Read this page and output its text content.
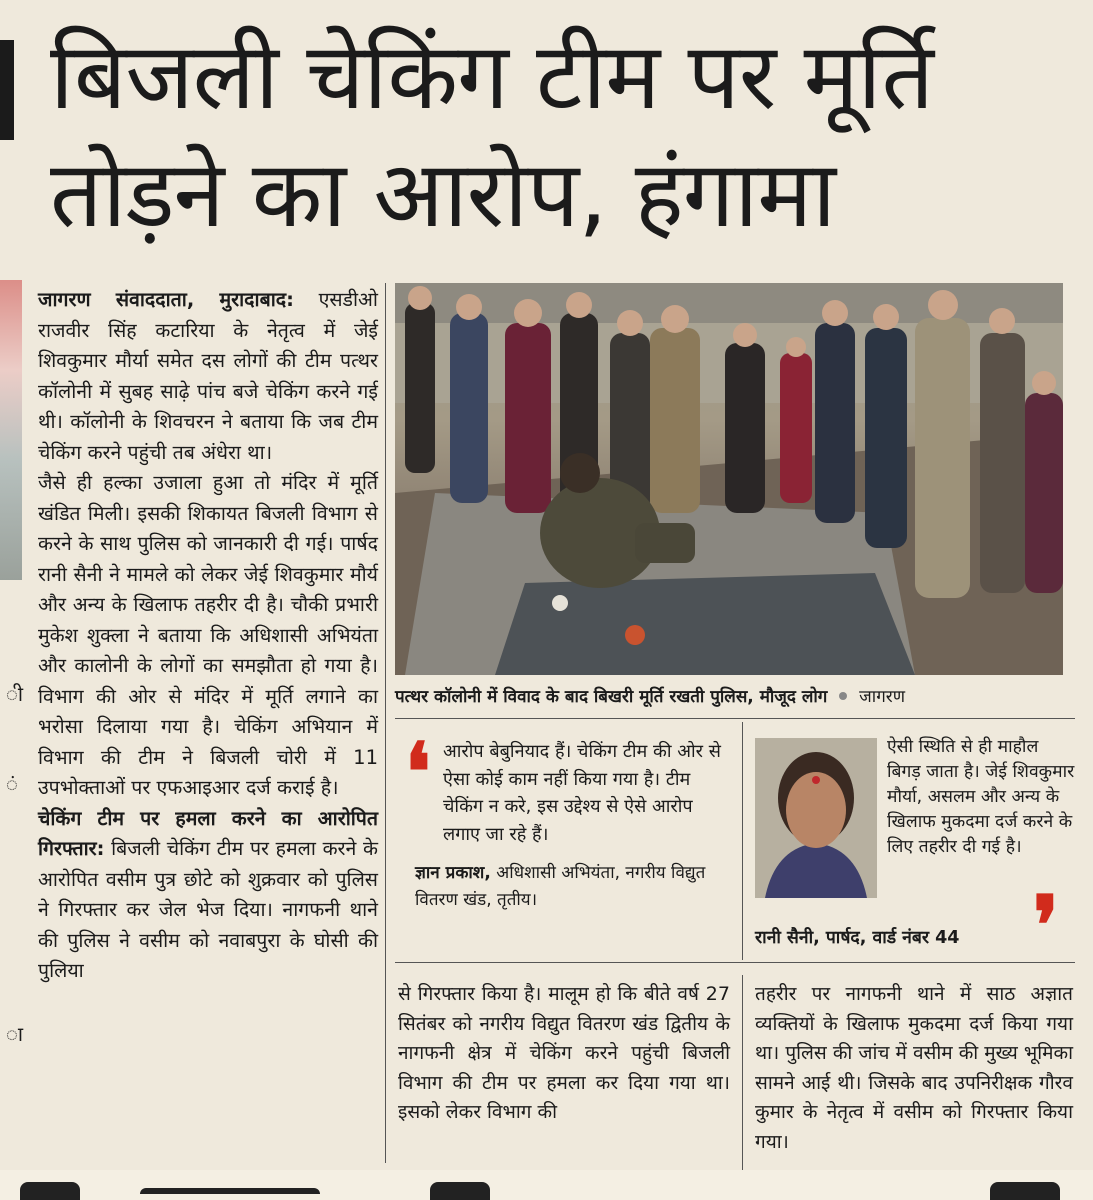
बिजली चेकिंग टीम पर मूर्ति तोड़ने का आरोप, हंगामा
ी
ं
ा

जागरण संवाददाता, मुरादाबाद: एसडीओ राजवीर सिंह कटारिया के नेतृत्व में जेई शिवकुमार मौर्या समेत दस लोगों की टीम पत्थर कॉलोनी में सुबह साढ़े पांच बजे चेकिंग करने गई थी। कॉलोनी के शिवचरन ने बताया कि जब टीम चेकिंग करने पहुंची तब अंधेरा था।

जैसे ही हल्का उजाला हुआ तो मंदिर में मूर्ति खंडित मिली। इसकी शिकायत बिजली विभाग से करने के साथ पुलिस को जानकारी दी गई। पार्षद रानी सैनी ने मामले को लेकर जेई शिवकुमार मौर्य और अन्य के खिलाफ तहरीर दी है। चौकी प्रभारी मुकेश शुक्ला ने बताया कि अधिशासी अभियंता और कालोनी के लोगों का समझौता हो गया है। विभाग की ओर से मंदिर में मूर्ति लगाने का भरोसा दिलाया गया है। चेकिंग अभियान में विभाग की टीम ने बिजली चोरी में 11 उपभोक्ताओं पर एफआइआर दर्ज कराई है।

चेकिंग टीम पर हमला करने का आरोपित गिरफ्तार: बिजली चेकिंग टीम पर हमला करने के आरोपित वसीम पुत्र छोटे को शुक्रवार को पुलिस ने गिरफ्तार कर जेल भेज दिया। नागफनी थाने की पुलिस ने वसीम को नवाबपुरा के घोसी की पुलिया

पत्थर कॉलोनी में विवाद के बाद बिखरी मूर्ति रखती पुलिस, मौजूद लोग जागरण
❛ आरोप बेबुनियाद हैं। चेकिंग टीम की ओर से ऐसा कोई काम नहीं किया गया है। टीम चेकिंग न करे, इस उद्देश्य से ऐसे आरोप लगाए जा रहे हैं।
ज्ञान प्रकाश, अधिशासी अभियंता, नगरीय विद्युत वितरण खंड, तृतीय।
ऐसी स्थिति से ही माहौल बिगड़ जाता है। जेई शिवकुमार मौर्या, असलम और अन्य के खिलाफ मुकदमा दर्ज करने के लिए तहरीर दी गई है।
रानी सैनी, पार्षद, वार्ड नंबर 44 ❜

से गिरफ्तार किया है। मालूम हो कि बीते वर्ष 27 सितंबर को नगरीय विद्युत वितरण खंड द्वितीय के नागफनी क्षेत्र में चेकिंग करने पहुंची बिजली विभाग की टीम पर हमला कर दिया गया था। इसको लेकर विभाग की

तहरीर पर नागफनी थाने में साठ अज्ञात व्यक्तियों के खिलाफ मुकदमा दर्ज किया गया था। पुलिस की जांच में वसीम की मुख्य भूमिका सामने आई थी। जिसके बाद उपनिरीक्षक गौरव कुमार के नेतृत्व में वसीम को गिरफ्तार किया गया।
